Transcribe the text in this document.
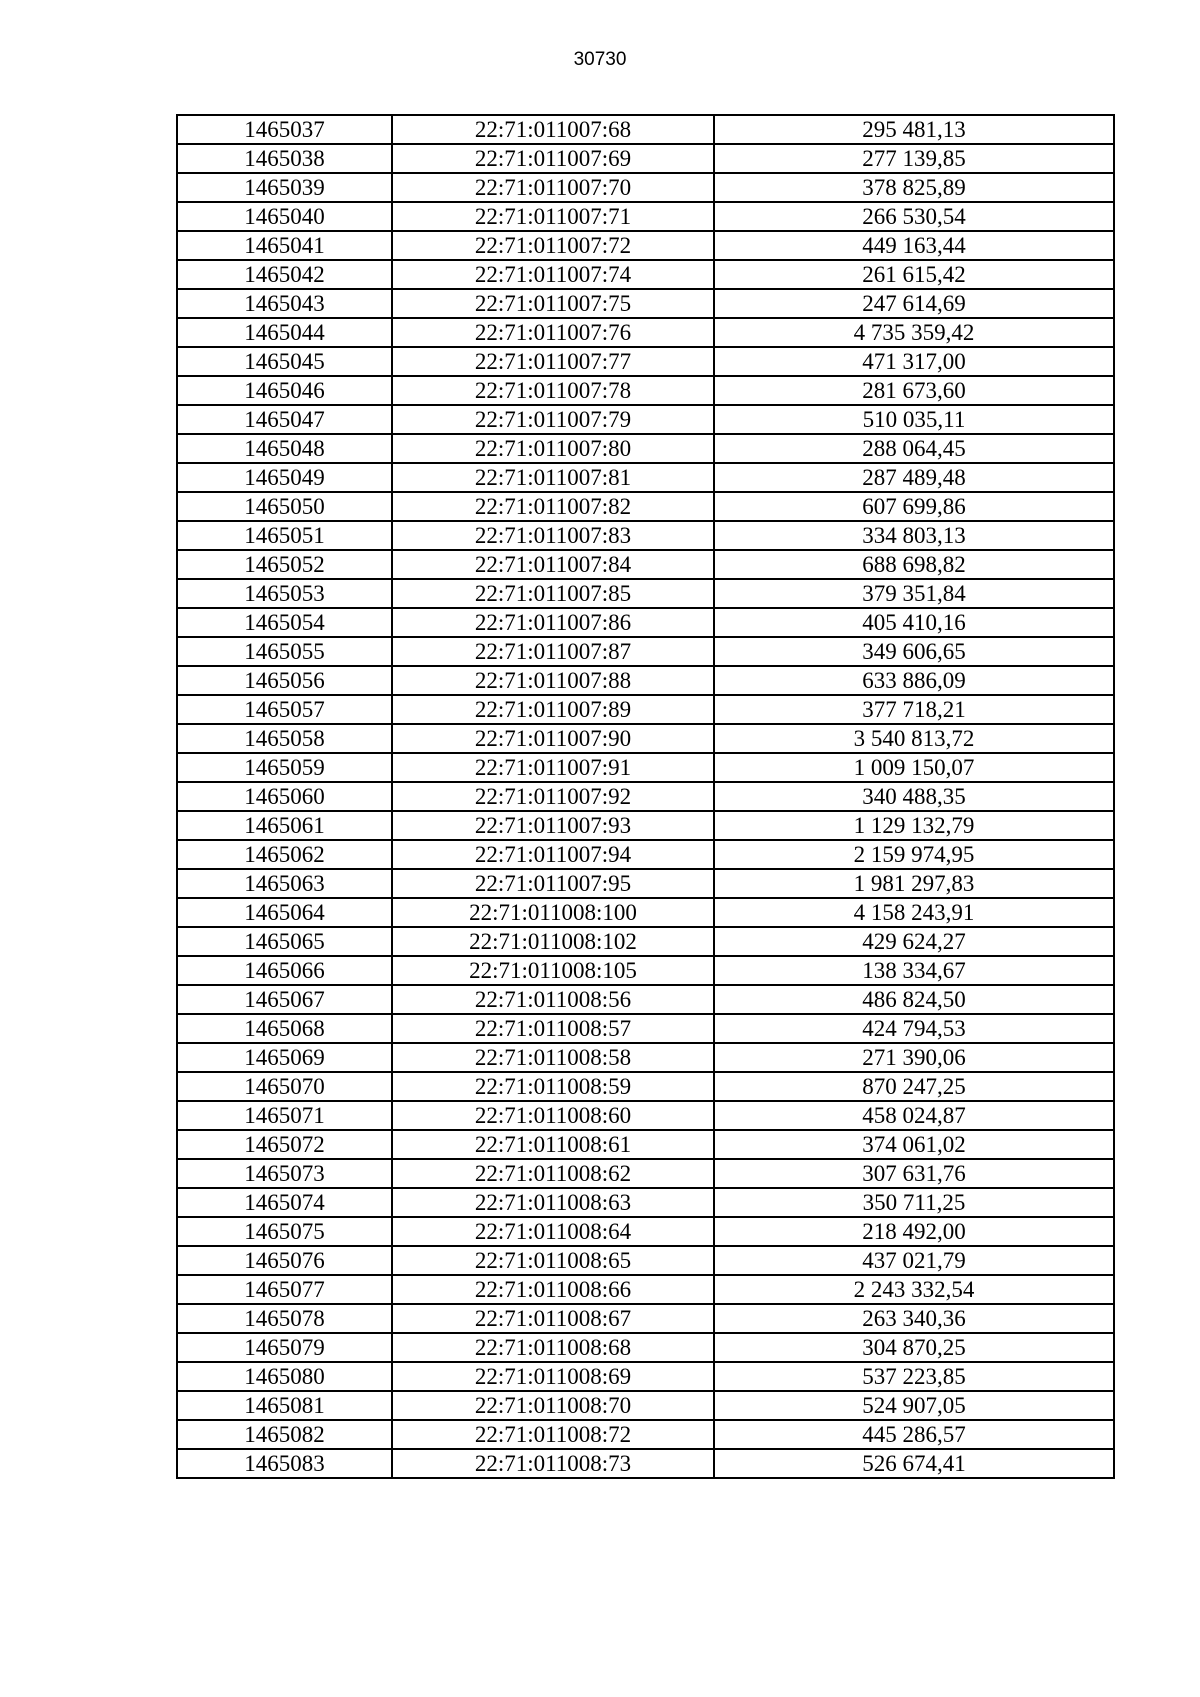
30730
1465037	22:71:011007:68	295 481,13
1465038	22:71:011007:69	277 139,85
1465039	22:71:011007:70	378 825,89
1465040	22:71:011007:71	266 530,54
1465041	22:71:011007:72	449 163,44
1465042	22:71:011007:74	261 615,42
1465043	22:71:011007:75	247 614,69
1465044	22:71:011007:76	4 735 359,42
1465045	22:71:011007:77	471 317,00
1465046	22:71:011007:78	281 673,60
1465047	22:71:011007:79	510 035,11
1465048	22:71:011007:80	288 064,45
1465049	22:71:011007:81	287 489,48
1465050	22:71:011007:82	607 699,86
1465051	22:71:011007:83	334 803,13
1465052	22:71:011007:84	688 698,82
1465053	22:71:011007:85	379 351,84
1465054	22:71:011007:86	405 410,16
1465055	22:71:011007:87	349 606,65
1465056	22:71:011007:88	633 886,09
1465057	22:71:011007:89	377 718,21
1465058	22:71:011007:90	3 540 813,72
1465059	22:71:011007:91	1 009 150,07
1465060	22:71:011007:92	340 488,35
1465061	22:71:011007:93	1 129 132,79
1465062	22:71:011007:94	2 159 974,95
1465063	22:71:011007:95	1 981 297,83
1465064	22:71:011008:100	4 158 243,91
1465065	22:71:011008:102	429 624,27
1465066	22:71:011008:105	138 334,67
1465067	22:71:011008:56	486 824,50
1465068	22:71:011008:57	424 794,53
1465069	22:71:011008:58	271 390,06
1465070	22:71:011008:59	870 247,25
1465071	22:71:011008:60	458 024,87
1465072	22:71:011008:61	374 061,02
1465073	22:71:011008:62	307 631,76
1465074	22:71:011008:63	350 711,25
1465075	22:71:011008:64	218 492,00
1465076	22:71:011008:65	437 021,79
1465077	22:71:011008:66	2 243 332,54
1465078	22:71:011008:67	263 340,36
1465079	22:71:011008:68	304 870,25
1465080	22:71:011008:69	537 223,85
1465081	22:71:011008:70	524 907,05
1465082	22:71:011008:72	445 286,57
1465083	22:71:011008:73	526 674,41
